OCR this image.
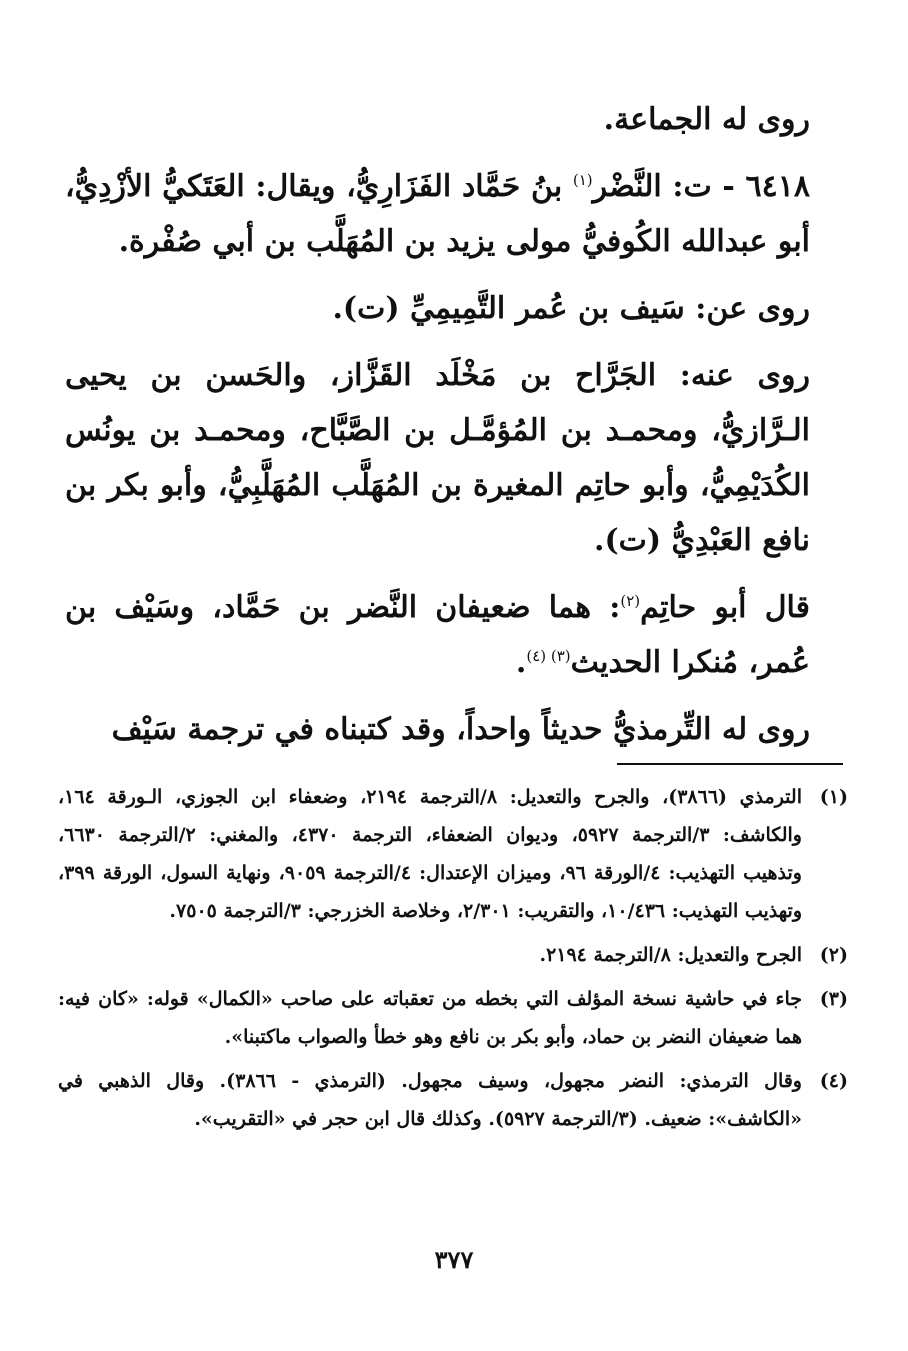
روى له الجماعة.

٦٤١٨ - ت: النَّضْر$^{(١)}$ بنُ حَمَّاد الفَزَارِيُّ، ويقال: العَتَكيُّ الأزْدِيُّ، أبو عبدالله الكُوفيُّ مولى يزيد بن المُهَلَّب بن أبي صُفْرة.

روى عن: سَيف بن عُمر التَّمِيمِيِّ (ت).

روى عنه: الجَرَّاح بن مَخْلَد القَزَّاز، والحَسن بن يحيى الـرَّازيُّ، ومحمـد بن المُؤمَّـل بن الصَّبَّاح، ومحمـد بن يونُس الكُدَيْمِيُّ، وأبو حاتِم المغيرة بن المُهَلَّب المُهَلَّبِيُّ، وأبو بكر بن نافع العَبْدِيُّ (ت).

قال أبو حاتِم$^{(٢)}$: هما ضعيفان النَّضر بن حَمَّاد، وسَيْف بن عُمر، مُنكرا الحديث$^{(٣) (٤)}$.

روى له التِّرمذيُّ حديثاً واحداً، وقد كتبناه في ترجمة سَيْف

(١)
الترمذي (٣٨٦٦)، والجرح والتعديل: ٨/الترجمة ٢١٩٤، وضعفاء ابن الجوزي، الـورقة ١٦٤، والكاشف: ٣/الترجمة ٥٩٢٧، وديوان الضعفاء، الترجمة ٤٣٧٠، والمغني: ٢/الترجمة ٦٦٣٠، وتذهيب التهذيب: ٤/الورقة ٩٦، وميزان الإعتدال: ٤/الترجمة ٩٠٥٩، ونهاية السول، الورقة ٣٩٩، وتهذيب التهذيب: ١٠/٤٣٦، والتقريب: ٢/٣٠١، وخلاصة الخزرجي: ٣/الترجمة ٧٥٠٥.
(٢)
الجرح والتعديل: ٨/الترجمة ٢١٩٤.
(٣)
جاء في حاشية نسخة المؤلف التي بخطه من تعقباته على صاحب «الكمال» قوله: «كان فيه: هما ضعيفان النضر بن حماد، وأبو بكر بن نافع وهو خطأ والصواب ماكتبنا».
(٤)
وقال الترمذي: النضر مجهول، وسيف مجهول. (الترمذي - ٣٨٦٦). وقال الذهبي في «الكاشف»: ضعيف. (٣/الترجمة ٥٩٢٧). وكذلك قال ابن حجر في «التقريب».
٣٧٧
